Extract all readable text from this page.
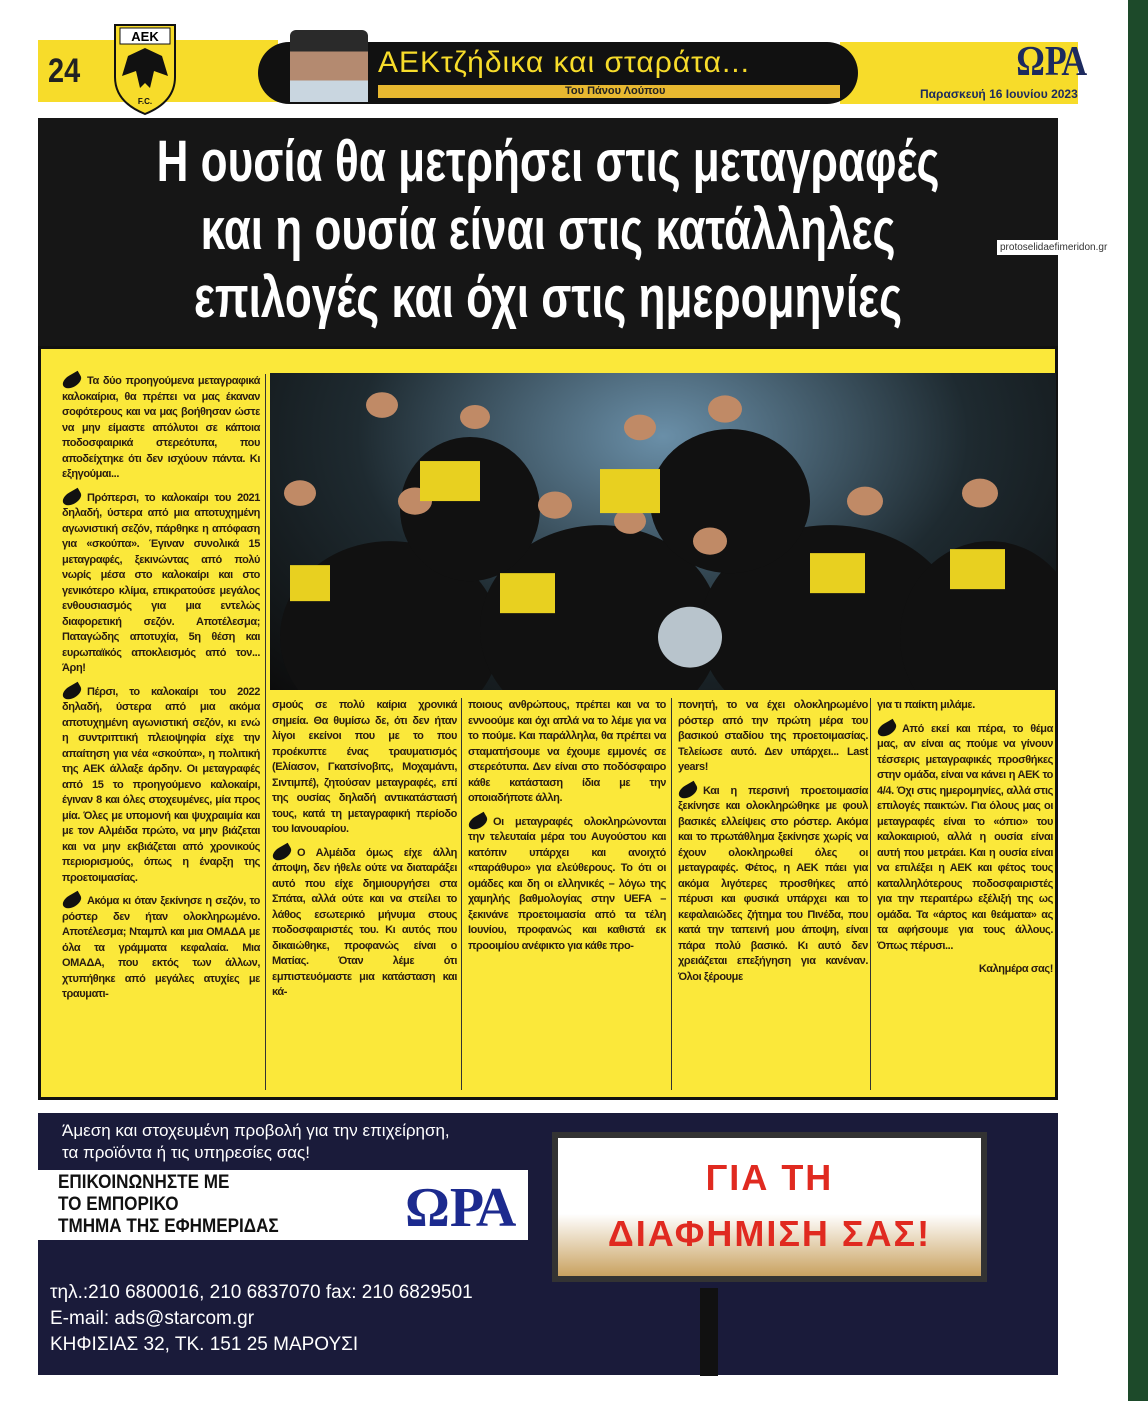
24
ΑΕΚ
F.C.
ΑΕΚτζήδικα και σταράτα...
Του Πάνου Λούπου
ΩΡΑ
Παρασκευή 16 Ιουνίου 2023
Η ουσία θα μετρήσει στις μεταγραφές
και η ουσία είναι στις κατάλληλες
επιλογές και όχι στις ημερομηνίες
protoselidaefimeridon.gr

Τα δύο προηγούμενα μεταγραφικά καλοκαίρια, θα πρέπει να μας έκαναν σοφότερους και να μας βοήθησαν ώστε να μην είμαστε απόλυτοι σε κάποια ποδοσφαιρικά στερεότυπα, που αποδείχτηκε ότι δεν ισχύουν πάντα. Κι εξηγούμαι...

Πρόπερσι, το καλοκαίρι του 2021 δηλαδή, ύστερα από μια αποτυχημένη αγωνιστική σεζόν, πάρθηκε η απόφαση για «σκούπα». Έγιναν συνολικά 15 μεταγραφές, ξεκινώντας από πολύ νωρίς μέσα στο καλοκαίρι και στο γενικότερο κλίμα, επικρατούσε μεγάλος ενθουσιασμός για μια εντελώς διαφορετική σεζόν. Αποτέλεσμα; Παταγώδης αποτυχία, 5η θέση και ευρωπαϊκός αποκλεισμός από τον... Άρη!

Πέρσι, το καλοκαίρι του 2022 δηλαδή, ύστερα από μια ακόμα αποτυχημένη αγωνιστική σεζόν, κι ενώ η συντριπτική πλειοψηφία είχε την απαίτηση για νέα «σκούπα», η πολιτική της ΑΕΚ άλλαξε άρδην. Οι μεταγραφές από 15 το προηγούμενο καλοκαίρι, έγιναν 8 και όλες στοχευμένες, μία προς μία. Όλες με υπομονή και ψυχραιμία και με τον Αλμέιδα πρώτο, να μην βιάζεται και να μην εκβιάζεται από χρονικούς περιορισμούς, όπως η έναρξη της προετοιμασίας.

Ακόμα κι όταν ξεκίνησε η σεζόν, το ρόστερ δεν ήταν ολοκληρωμένο. Αποτέλεσμα; Νταμπλ και μια ΟΜΑΔΑ με όλα τα γράμματα κεφαλαία. Μια ΟΜΑΔΑ, που εκτός των άλλων, χτυπήθηκε από μεγάλες ατυχίες με τραυματι-

σμούς σε πολύ καίρια χρονικά σημεία. Θα θυμίσω δε, ότι δεν ήταν λίγοι εκείνοι που με το που προέκυπτε ένας τραυματισμός (Ελίασον, Γκατσίνοβιτς, Μοχαμάντι, Σιντιμπέ), ζητούσαν μεταγραφές, επί της ουσίας δηλαδή αντικατάστασή τους, κατά τη μεταγραφική περίοδο του Ιανουαρίου.

Ο Αλμέιδα όμως είχε άλλη άποψη, δεν ήθελε ούτε να διαταράξει αυτό που είχε δημιουργήσει στα Σπάτα, αλλά ούτε και να στείλει το λάθος εσωτερικό μήνυμα στους ποδοσφαιριστές του. Κι αυτός που δικαιώθηκε, προφανώς είναι ο Ματίας. Όταν λέμε ότι εμπιστευόμαστε μια κατάσταση και κά-

ποιους ανθρώπους, πρέπει και να το εννοούμε και όχι απλά να το λέμε για να το πούμε. Και παράλληλα, θα πρέπει να σταματήσουμε να έχουμε εμμονές σε στερεότυπα. Δεν είναι στο ποδόσφαιρο κάθε κατάσταση ίδια με την οποιαδήποτε άλλη.

Οι μεταγραφές ολοκληρώνονται την τελευταία μέρα του Αυγούστου και κατόπιν υπάρχει και ανοιχτό «παράθυρο» για ελεύθερους. Το ότι οι ομάδες και δη οι ελληνικές – λόγω της χαμηλής βαθμολογίας στην UEFA – ξεκινάνε προετοιμασία από τα τέλη Ιουνίου, προφανώς και καθιστά εκ προοιμίου ανέφικτο για κάθε προ-

πονητή, το να έχει ολοκληρωμένο ρόστερ από την πρώτη μέρα του βασικού σταδίου της προετοιμασίας. Τελείωσε αυτό. Δεν υπάρχει... Last years!

Και η περσινή προετοιμασία ξεκίνησε και ολοκληρώθηκε με φουλ βασικές ελλείψεις στο ρόστερ. Ακόμα και το πρωτάθλημα ξεκίνησε χωρίς να έχουν ολοκληρωθεί όλες οι μεταγραφές. Φέτος, η ΑΕΚ πάει για ακόμα λιγότερες προσθήκες από πέρυσι και φυσικά υπάρχει και το κεφαλαιώδες ζήτημα του Πινέδα, που κατά την ταπεινή μου άποψη, είναι πάρα πολύ βασικό. Κι αυτό δεν χρειάζεται επεξήγηση για κανέναν. Όλοι ξέρουμε

για τι παίκτη μιλάμε.

Από εκεί και πέρα, το θέμα μας, αν είναι ας πούμε να γίνουν τέσσερις μεταγραφικές προσθήκες στην ομάδα, είναι να κάνει η ΑΕΚ το 4/4. Όχι στις ημερομηνίες, αλλά στις επιλογές παικτών. Για όλους μας οι μεταγραφές είναι το «όπιο» του καλοκαιριού, αλλά η ουσία είναι αυτή που μετράει. Και η ουσία είναι να επιλέξει η ΑΕΚ και φέτος τους καταλληλότερους ποδοσφαιριστές για την περαιτέρω εξέλιξή της ως ομάδα. Τα «άρτος και θεάματα» ας τα αφήσουμε για τους άλλους. Όπως πέρυσι...

Καλημέρα σας!
Άμεση και στοχευμένη προβολή για την επιχείρηση,
τα προϊόντα ή τις υπηρεσίες σας!
ΕΠΙΚΟΙΝΩΝΗΣΤΕ ΜΕ
ΤΟ ΕΜΠΟΡΙΚΟ
ΤΜΗΜΑ ΤΗΣ ΕΦΗΜΕΡΙΔΑΣ ΩΡΑ
τηλ.:210 6800016, 210 6837070 fax: 210 6829501
E-mail: ads@starcom.gr
ΚΗΦΙΣΙΑΣ 32, ΤΚ. 151 25 ΜΑΡΟΥΣΙ
ΓΙΑ ΤΗ
ΔΙΑΦΗΜΙΣΗ ΣΑΣ!
